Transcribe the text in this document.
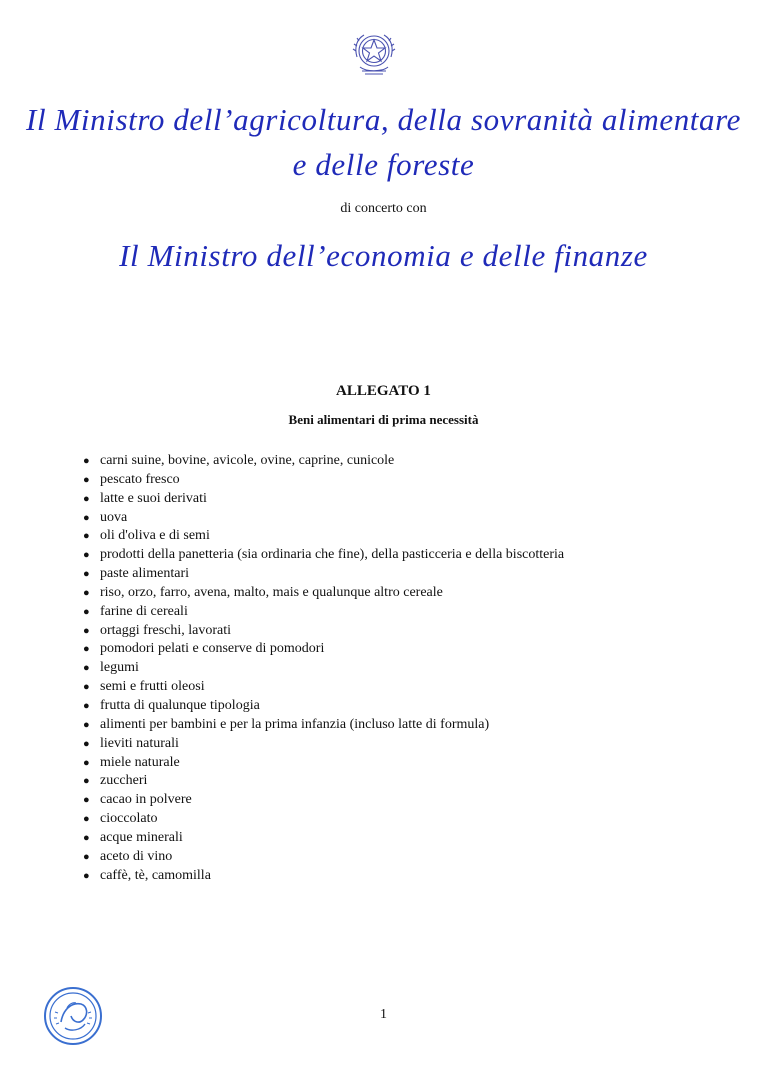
Il Ministro dell’agricoltura, della sovranità alimentare
e delle foreste
di concerto con
Il Ministro dell’economia e delle finanze
ALLEGATO 1
Beni alimentari di prima necessità
● carni suine, bovine, avicole, ovine, caprine, cunicole
● pescato fresco
● latte e suoi derivati
● uova
● oli d'oliva e di semi
● prodotti della panetteria (sia ordinaria che fine), della pasticceria e della biscotteria
● paste alimentari
● riso, orzo, farro, avena, malto, mais e qualunque altro cereale
● farine di cereali
● ortaggi freschi, lavorati
● pomodori pelati e conserve di pomodori
● legumi
● semi e frutti oleosi
● frutta di qualunque tipologia
● alimenti per bambini e per la prima infanzia (incluso latte di formula)
● lieviti naturali
● miele naturale
● zuccheri
● cacao in polvere
● cioccolato
● acque minerali
● aceto di vino
● caffè, tè, camomilla
1
